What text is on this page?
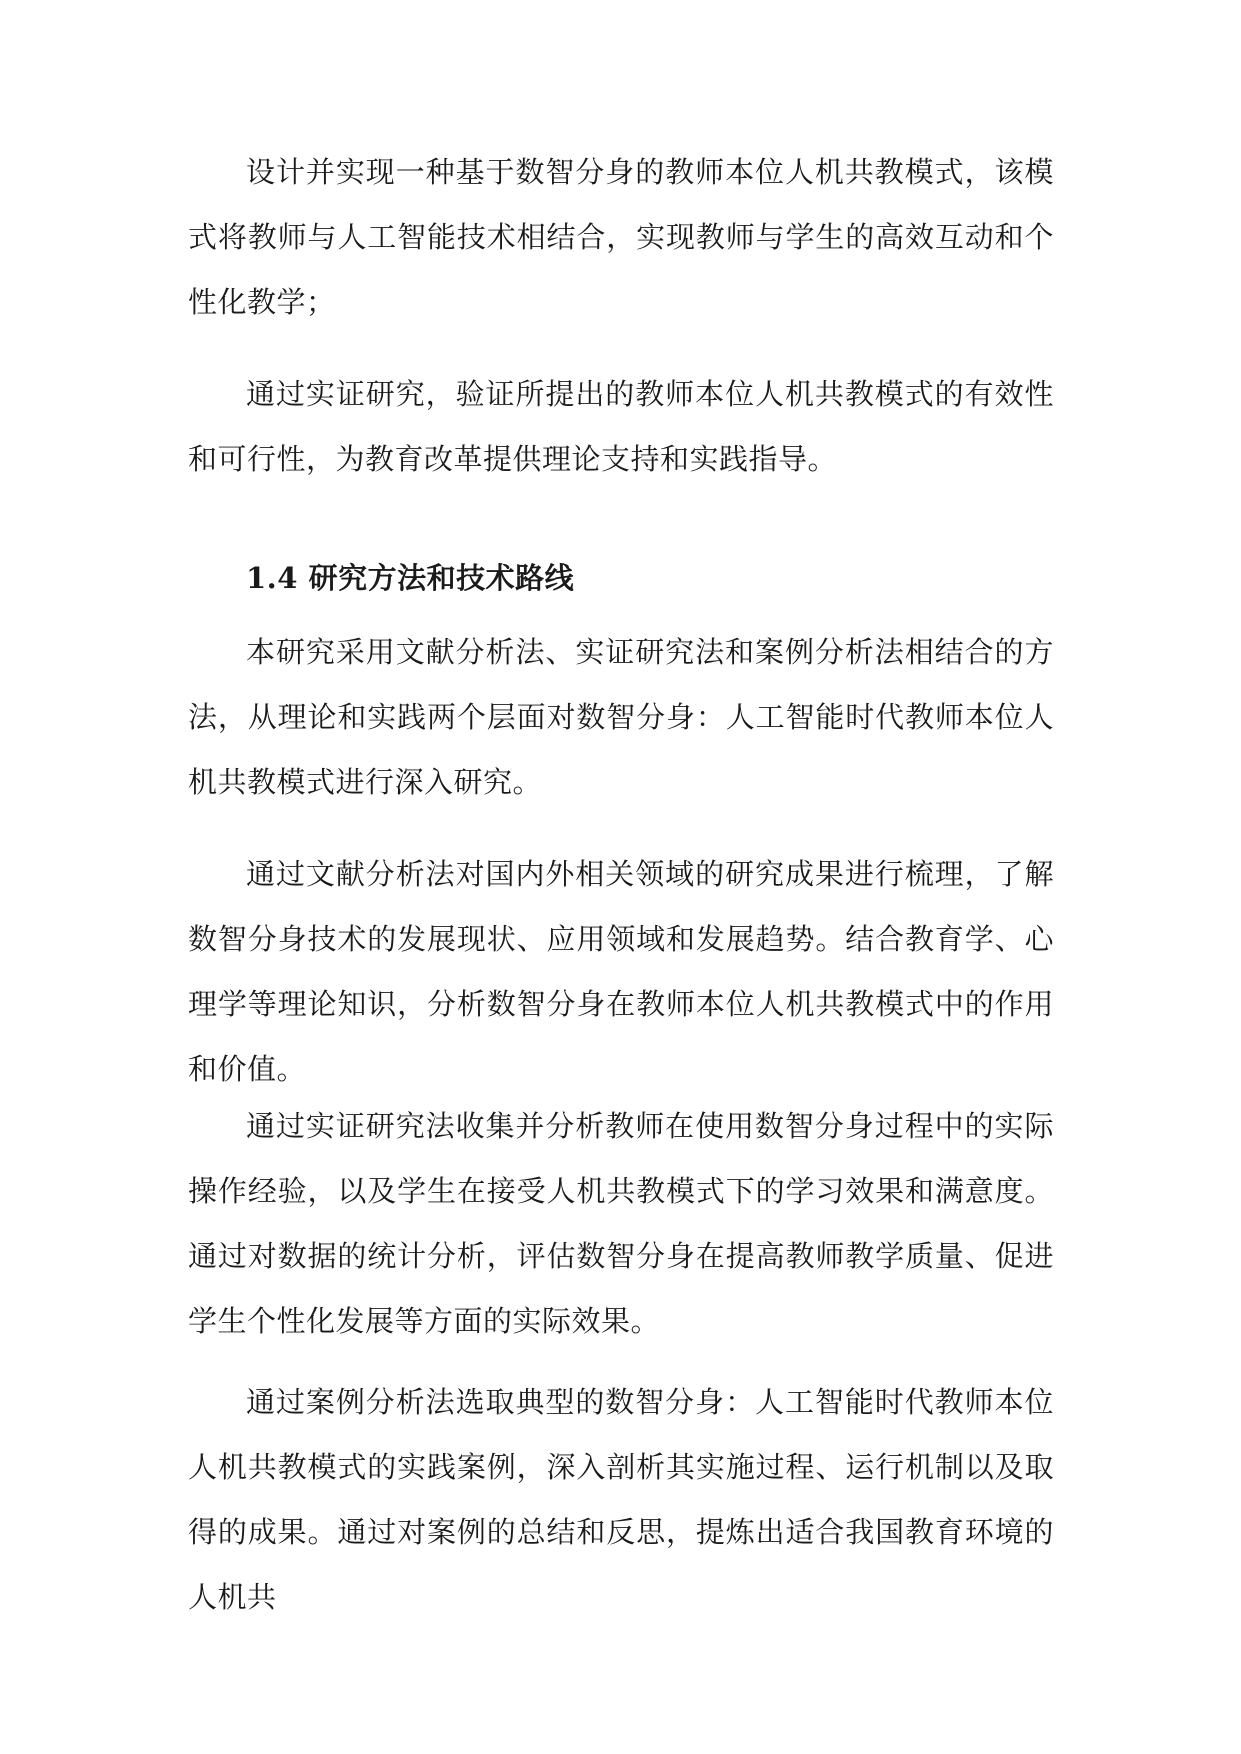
设计并实现一种基于数智分身的教师本位人机共教模式，该模式将教师与人工智能技术相结合，实现教师与学生的高效互动和个性化教学；

通过实证研究，验证所提出的教师本位人机共教模式的有效性和可行性，为教育改革提供理论支持和实践指导。

1.4 研究方法和技术路线

本研究采用文献分析法、实证研究法和案例分析法相结合的方法，从理论和实践两个层面对数智分身：人工智能时代教师本位人机共教模式进行深入研究。

通过文献分析法对国内外相关领域的研究成果进行梳理，了解数智分身技术的发展现状、应用领域和发展趋势。结合教育学、心理学等理论知识，分析数智分身在教师本位人机共教模式中的作用和价值。

通过实证研究法收集并分析教师在使用数智分身过程中的实际操作经验，以及学生在接受人机共教模式下的学习效果和满意度。通过对数据的统计分析，评估数智分身在提高教师教学质量、促进学生个性化发展等方面的实际效果。

通过案例分析法选取典型的数智分身：人工智能时代教师本位人机共教模式的实践案例，深入剖析其实施过程、运行机制以及取得的成果。通过对案例的总结和反思，提炼出适合我国教育环境的人机共
